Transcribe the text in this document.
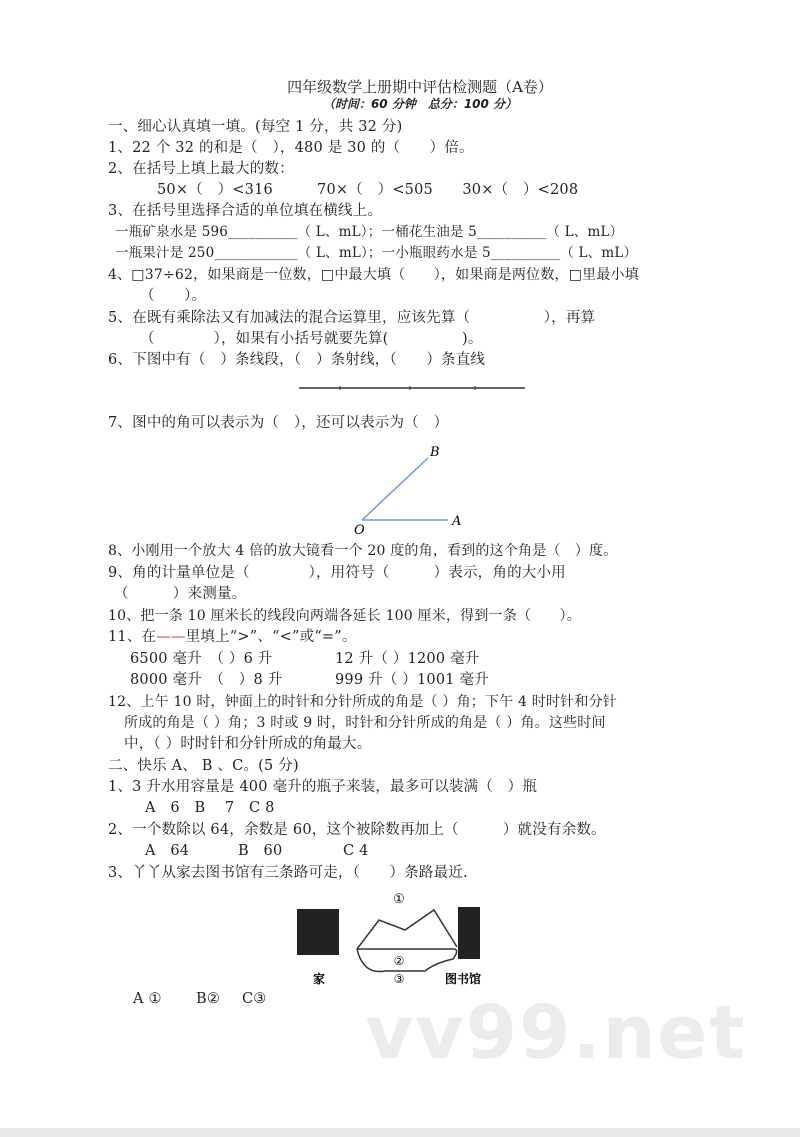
四年级数学上册期中评估检测题（A卷）
（时间：60 分钟　总分：100 分）
一、细心认真填一填。(每空 1 分，共 32 分)
1、22 个 32 的和是（　），480 是 30 的（　　）倍。
2、在括号上填上最大的数：
50×（　）<316　　　70×（　）<505　　30×（　）<208
3、在括号里选择合适的单位填在横线上。
一瓶矿泉水是 596__________（ L、mL）；一桶花生油是 5__________（ L、mL）
一瓶果汁是 250____________（ L、mL）；一小瓶眼药水是 5__________（ L、mL）
4、□37÷62，如果商是一位数，□中最大填（　　），如果商是两位数，□里最小填
（　　）。
5、在既有乘除法又有加减法的混合运算里，应该先算（　　　　　），再算
（　　　　），如果有小括号就要先算(　　　　　)。
6、下图中有（　）条线段，（　）条射线，（　　）条直线
7、图中的角可以表示为（　），还可以表示为（　）
B
O
A
8、小刚用一个放大 4 倍的放大镜看一个 20 度的角，看到的这个角是（　）度。
9、角的计量单位是（　　　　），用符号（　　　）表示，角的大小用
（　　　）来测量。
10、把一条 10 厘米长的线段向两端各延长 100 厘米，得到一条（　　）。
11、在——里填上“>”、“<”或“=”。
6500 毫升　（ ）6 升	12 升（ ）1200 毫升
8000 毫升　（　）8 升	999 升（ ）1001 毫升
12、上午 10 时，钟面上的时针和分针所成的角是（ ）角；下午 4 时时针和分针
所成的角是（ ）角；3 时或 9 时，时针和分针所成的角是（ ）角。这些时间
中，（ ）时时针和分针所成的角最大。
二、快乐 A、 B 、C。(5 分)
1、3 升水用容量是 400 毫升的瓶子来装，最多可以装满（　）瓶
A　6　B　 7　C 8
2、一个数除以 64，余数是 60，这个被除数再加上（　　　）就没有余数。
A　64	B　60	C 4
3、丫丫从家去图书馆有三条路可走，（　　）条路最近.
①
②
③
家	图书馆
A ① B② C③ vv99.net
